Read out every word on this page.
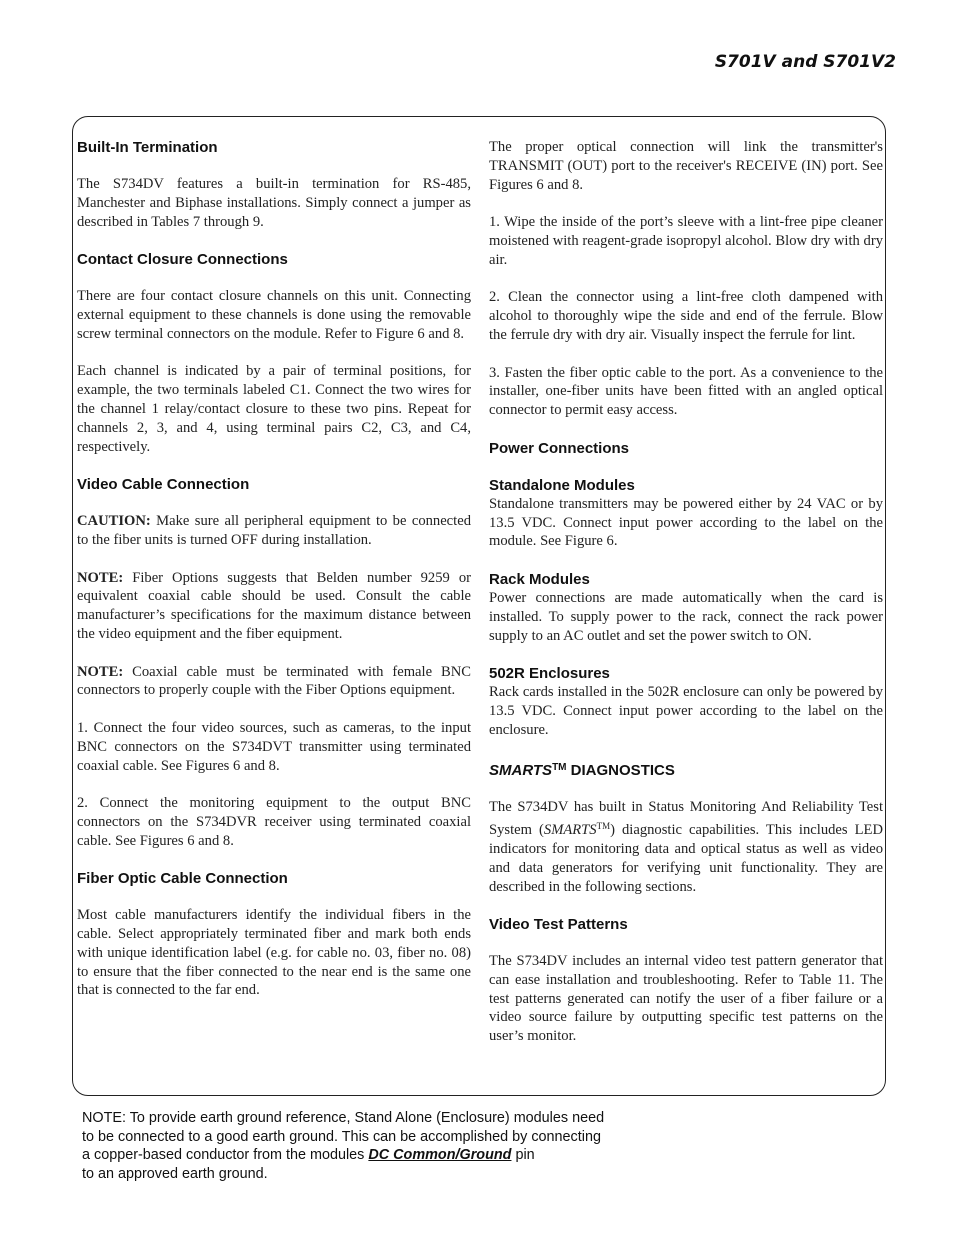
S701V and S701V2
Built-In Termination
The S734DV features a built-in termination for RS-485, Manchester and Biphase installations. Simply connect a jumper as described in Tables 7 through 9.
Contact Closure Connections
There are four contact closure channels on this unit. Connecting external equipment to these channels is done using the removable screw terminal connectors on the module. Refer to Figure 6 and 8.
Each channel is indicated by a pair of terminal positions, for example, the two terminals labeled C1. Connect the two wires for the channel 1 relay/contact closure to these two pins. Repeat for channels 2, 3, and 4, using terminal pairs C2, C3, and C4, respectively.
Video Cable Connection
CAUTION: Make sure all peripheral equipment to be connected to the fiber units is turned OFF during installation.
NOTE: Fiber Options suggests that Belden number 9259 or equivalent coaxial cable should be used. Consult the cable manufacturer’s specifications for the maximum distance between the video equipment and the fiber equipment.
NOTE: Coaxial cable must be terminated with female BNC connectors to properly couple with the Fiber Options equipment.
1. Connect the four video sources, such as cameras, to the input BNC connectors on the S734DVT transmitter using terminated coaxial cable. See Figures 6 and 8.
2. Connect the monitoring equipment to the output BNC connectors on the S734DVR receiver using terminated coaxial cable. See Figures 6 and 8.
Fiber Optic Cable Connection
Most cable manufacturers identify the individual fibers in the cable. Select appropriately terminated fiber and mark both ends with unique identification label (e.g. for cable no. 03, fiber no. 08) to ensure that the fiber connected to the near end is the same one that is connected to the far end.
The proper optical connection will link the transmitter's TRANSMIT (OUT) port to the receiver's RECEIVE (IN) port. See Figures 6 and 8.
1. Wipe the inside of the port’s sleeve with a lint-free pipe cleaner moistened with reagent-grade isopropyl alcohol. Blow dry with dry air.
2. Clean the connector using a lint-free cloth dampened with alcohol to thoroughly wipe the side and end of the ferrule. Blow the ferrule dry with dry air. Visually inspect the ferrule for lint.
3. Fasten the fiber optic cable to the port. As a convenience to the installer, one-fiber units have been fitted with an angled optical connector to permit easy access.
Power Connections
Standalone Modules
Standalone transmitters may be powered either by 24 VAC or by 13.5 VDC. Connect input power according to the label on the module. See Figure 6.
Rack Modules
Power connections are made automatically when the card is installed. To supply power to the rack, connect the rack power supply to an AC outlet and set the power switch to ON.
502R Enclosures
Rack cards installed in the 502R enclosure can only be powered by 13.5 VDC. Connect input power according to the label on the enclosure.
SMARTS™ DIAGNOSTICS
The S734DV has built in Status Monitoring And Reliability Test System (SMARTS™) diagnostic capabilities. This includes LED indicators for monitoring data and optical status as well as video and data generators for verifying unit functionality. They are described in the following sections.
Video Test Patterns
The S734DV includes an internal video test pattern generator that can ease installation and troubleshooting. Refer to Table 11. The test patterns generated can notify the user of a fiber failure or a video source failure by outputting specific test patterns on the user’s monitor.
NOTE: To provide earth ground reference, Stand Alone (Enclosure) modules need
to be connected to a good earth ground. This can be accomplished by connecting
a copper-based conductor from the modules DC Common/Ground pin
to an approved earth ground.
